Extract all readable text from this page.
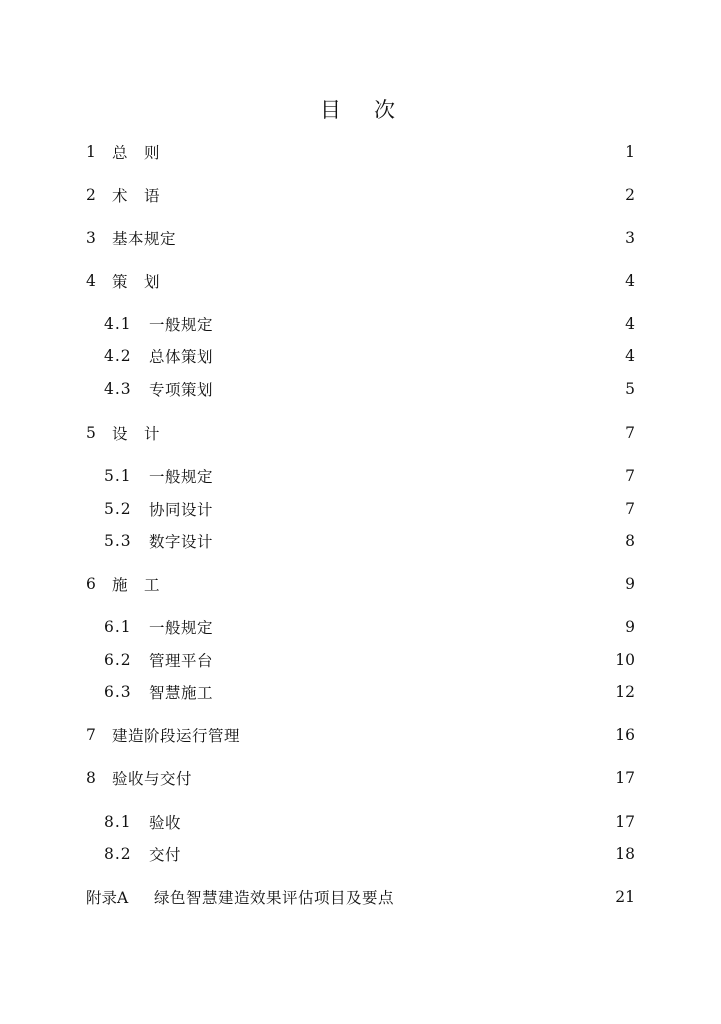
目　次
1	总　则	1
2	术　语	2
3	基本规定	3
4	策　划	4
4.1	一般规定	4
4.2	总体策划	4
4.3	专项策划	5
5	设　计	7
5.1	一般规定	7
5.2	协同设计	7
5.3	数字设计	8
6	施　工	9
6.1	一般规定	9
6.2	管理平台	10
6.3	智慧施工	12
7	建造阶段运行管理	16
8	验收与交付	17
8.1	验收	17
8.2	交付	18
附录A	绿色智慧建造效果评估项目及要点	21
